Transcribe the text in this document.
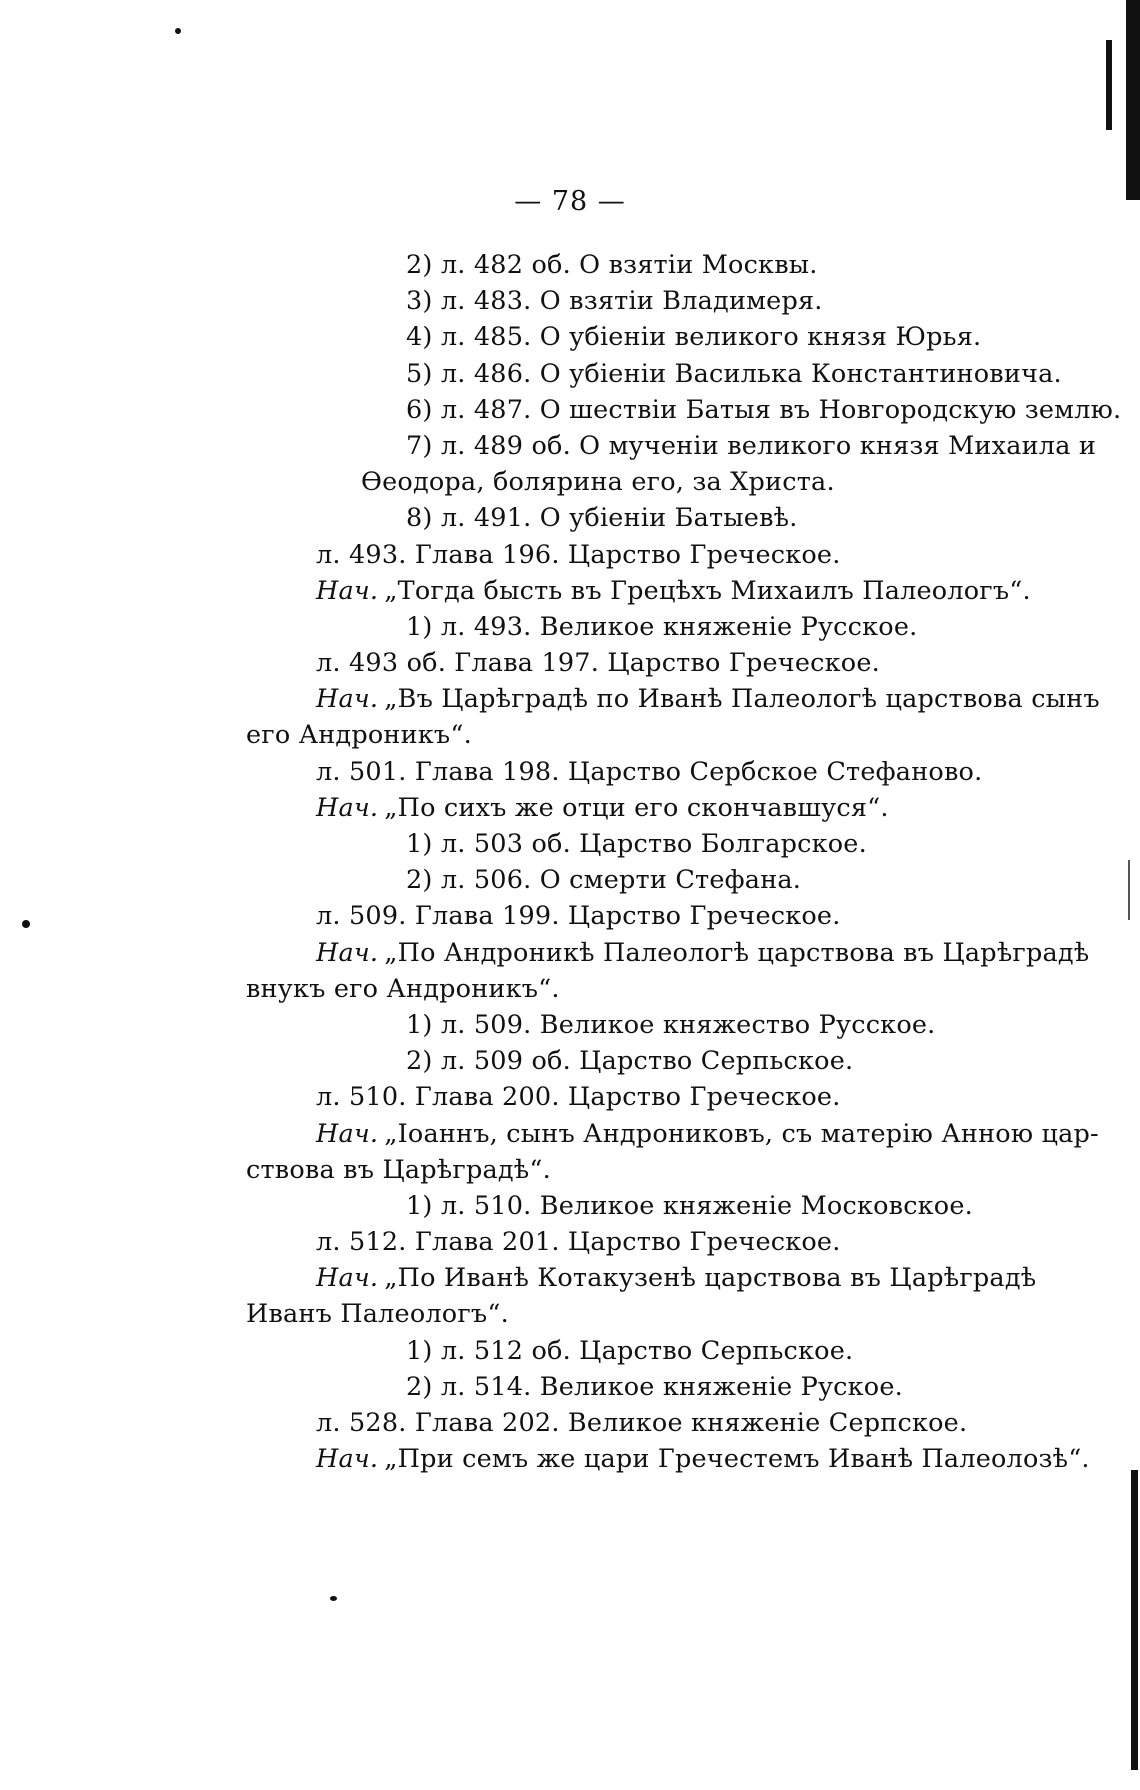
— 78 —
2) л. 482 об. О взятіи Москвы.
3) л. 483. О взятіи Владимеря.
4) л. 485. О убіеніи великого князя Юрья.
5) л. 486. О убіеніи Василька Константиновича.
6) л. 487. О шествіи Батыя въ Новгородскую землю.
7) л. 489 об. О мученіи великого князя Михаила и
Ѳеодора, болярина его, за Христа.
8) л. 491. О убіеніи Батыевѣ.
л. 493. Глава 196. Царство Греческое.
Нач. „Тогда бысть въ Грецѣхъ Михаилъ Палеологъ“.
1) л. 493. Великое княженіе Русское.
л. 493 об. Глава 197. Царство Греческое.
Нач. „Въ Царѣградѣ по Иванѣ Палеологѣ царствова сынъ
его Андроникъ“.
л. 501. Глава 198. Царство Сербское Стефаново.
Нач. „По сихъ же отци его скончавшуся“.
1) л. 503 об. Царство Болгарское.
2) л. 506. О смерти Стефана.
л. 509. Глава 199. Царство Греческое.
Нач. „По Андроникѣ Палеологѣ царствова въ Царѣградѣ
внукъ его Андроникъ“.
1) л. 509. Великое княжество Русское.
2) л. 509 об. Царство Серпьское.
л. 510. Глава 200. Царство Греческое.
Нач. „Іоаннъ, сынъ Андрониковъ, съ матерію Анною цар-
ствова въ Царѣградѣ“.
1) л. 510. Великое княженіе Московское.
л. 512. Глава 201. Царство Греческое.
Нач. „По Иванѣ Котакузенѣ царствова въ Царѣградѣ
Иванъ Палеологъ“.
1) л. 512 об. Царство Серпьское.
2) л. 514. Великое княженіе Руское.
л. 528. Глава 202. Великое княженіе Серпское.
Нач. „При семъ же цари Гречестемъ Иванѣ Палеолозѣ“.
